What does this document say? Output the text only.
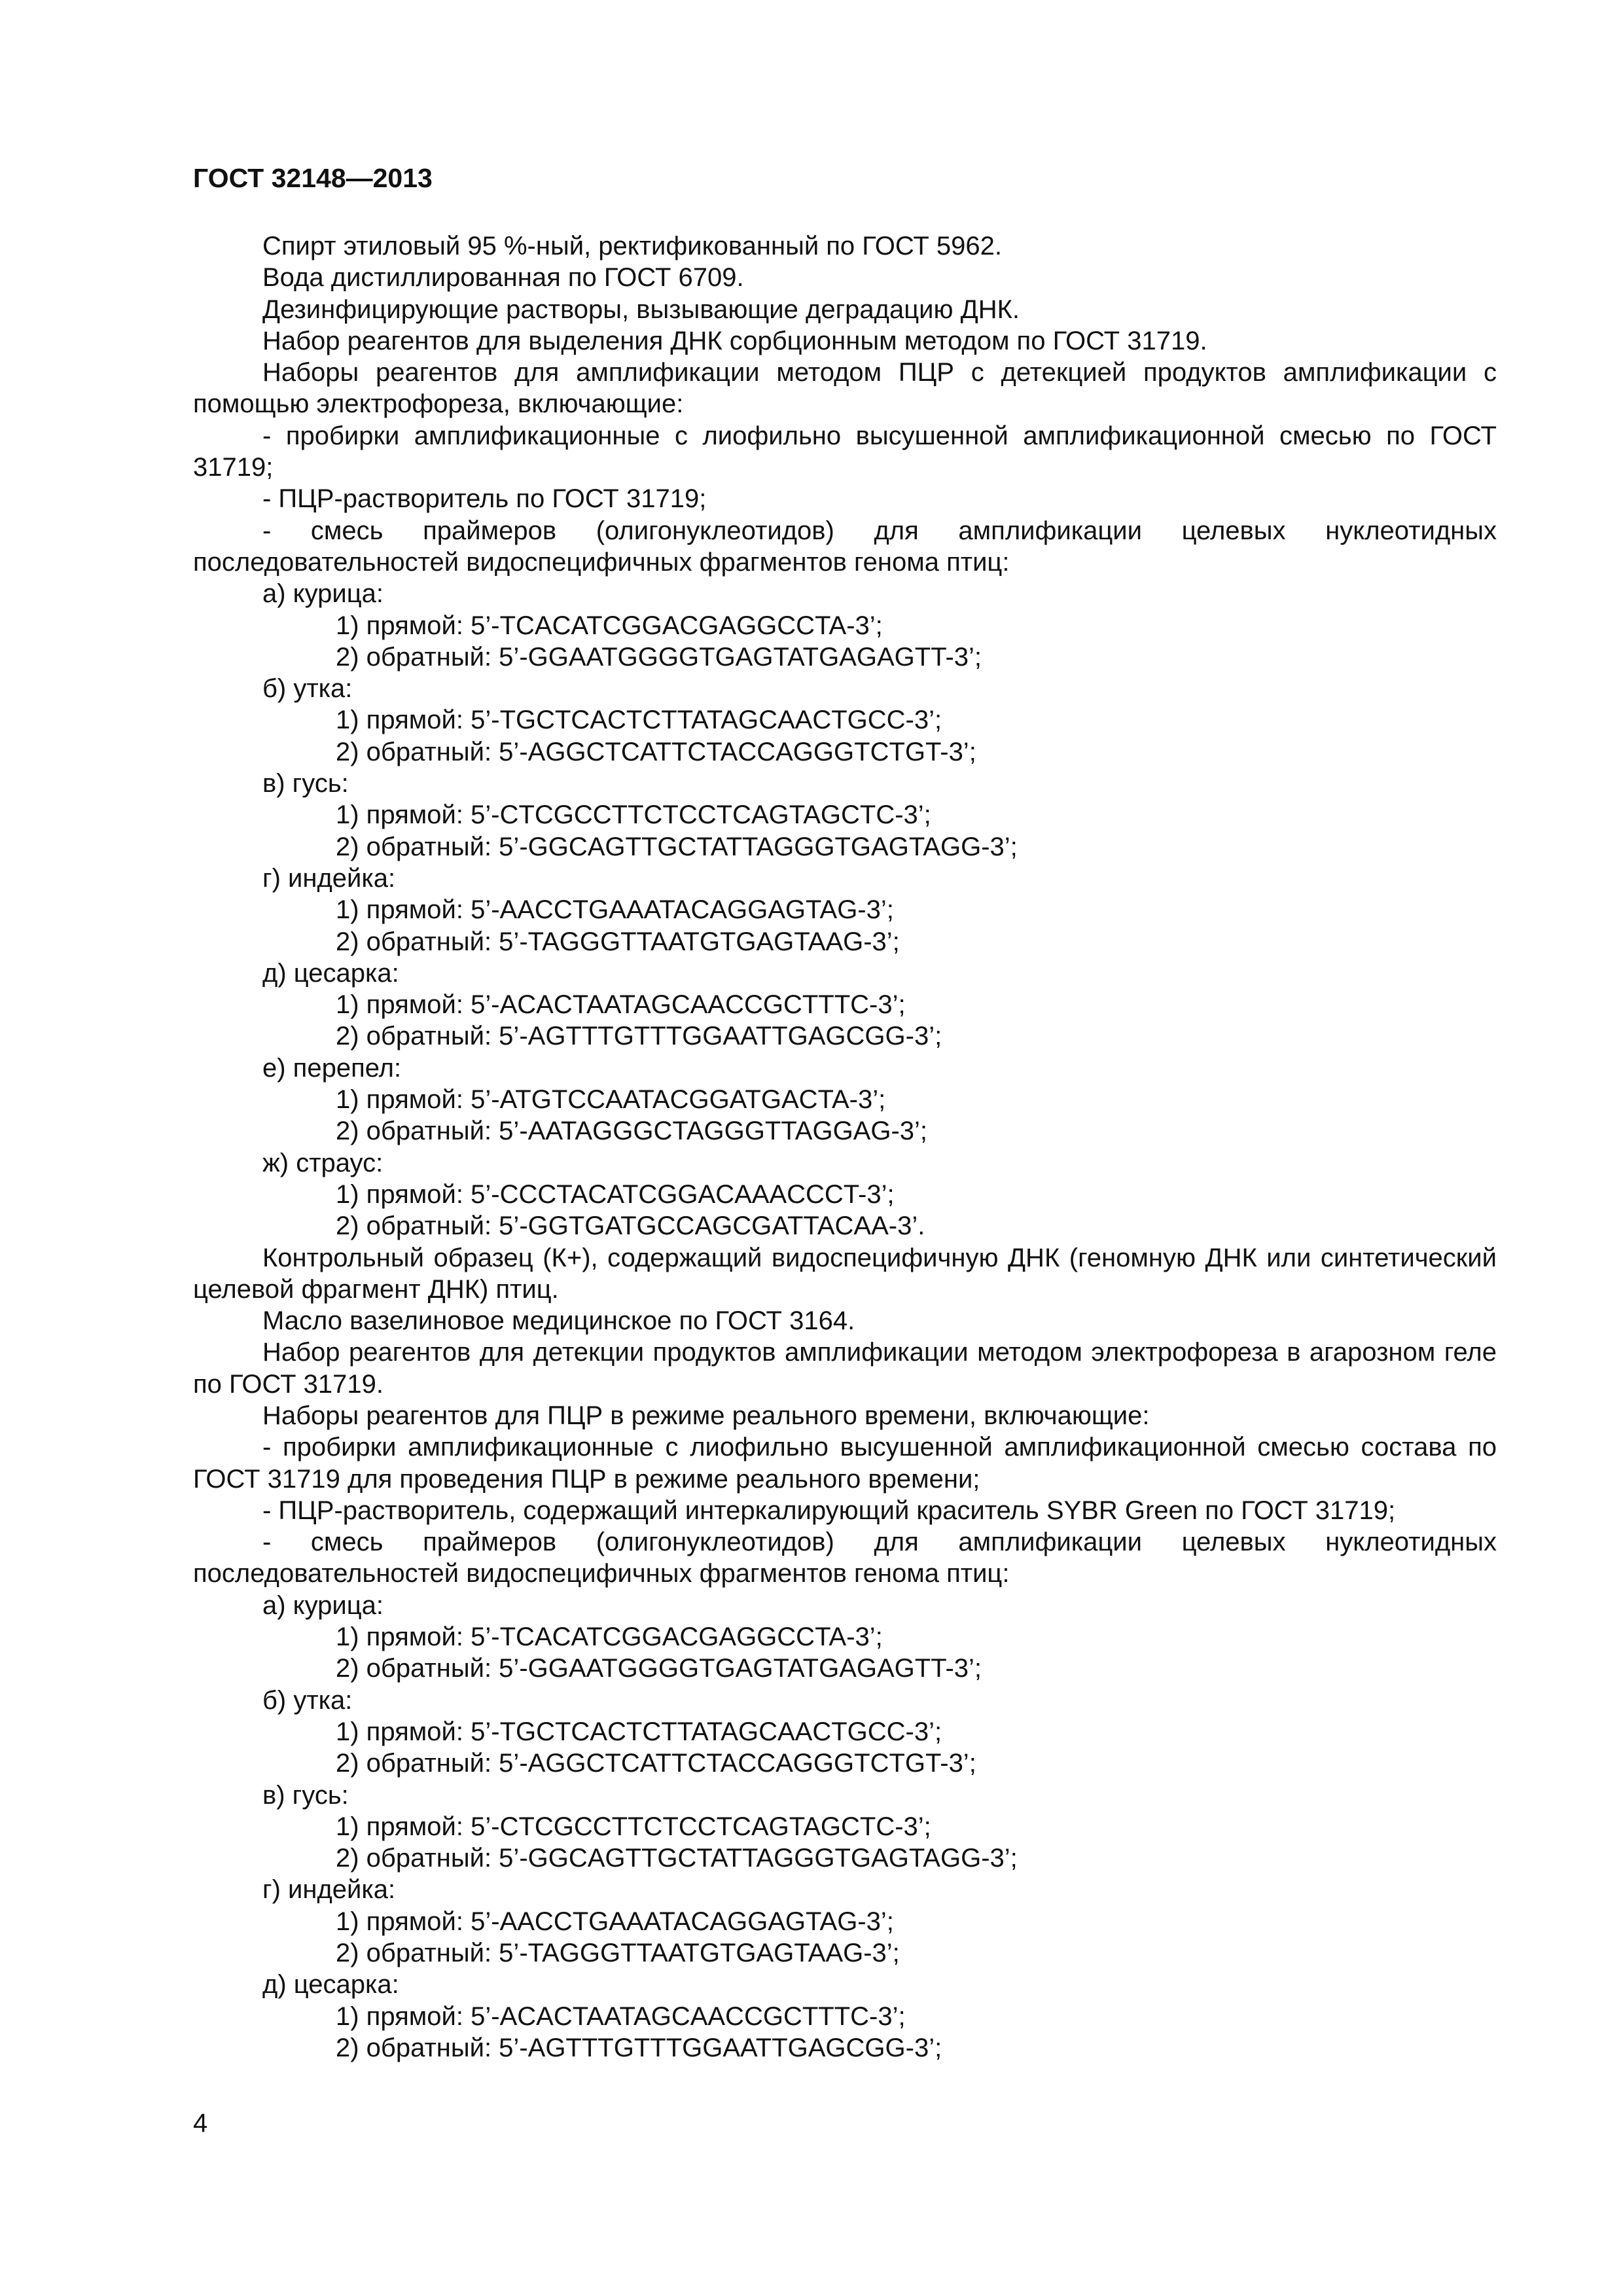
ГОСТ 32148—2013

Спирт этиловый 95 %-ный, ректификованный по ГОСТ 5962.

Вода дистиллированная по ГОСТ 6709.

Дезинфицирующие растворы, вызывающие деградацию ДНК.

Набор реагентов для выделения ДНК сорбционным методом по ГОСТ 31719.

Наборы реагентов для амплификации методом ПЦР с детекцией продуктов амплификации с помощью электрофореза, включающие:

- пробирки амплификационные с лиофильно высушенной амплификационной смесью по ГОСТ 31719;

- ПЦР-растворитель по ГОСТ 31719;

- смесь праймеров (олигонуклеотидов) для амплификации целевых нуклеотидных последовательностей видоспецифичных фрагментов генома птиц:

а) курица:

1) прямой: 5’-TCACATCGGACGAGGCCTA-3’;

2) обратный: 5’-GGAATGGGGTGAGTATGAGAGTT-3’;

б) утка:

1) прямой: 5’-TGCTCACTCTTATAGCAACTGCC-3’;

2) обратный: 5’-AGGCTCATTCTACCAGGGTCTGT-3’;

в) гусь:

1) прямой: 5’-CTCGCCTTCTCCTCAGTAGCTC-3’;

2) обратный: 5’-GGCAGTTGCTATTAGGGTGAGTAGG-3’;

г) индейка:

1) прямой: 5’-AACCTGAAATACAGGAGTAG-3’;

2) обратный: 5’-TAGGGTTAATGTGAGTAAG-3’;

д) цесарка:

1) прямой: 5’-ACACTAATAGCAACCGCTTTC-3’;

2) обратный: 5’-AGTTTGTTTGGAATTGAGCGG-3’;

е) перепел:

1) прямой: 5’-ATGTCCAATACGGATGACTA-3’;

2) обратный: 5’-AATAGGGCTAGGGTTAGGAG-3’;

ж) страус:

1) прямой: 5’-CCCTACATCGGACAAACCCT-3’;

2) обратный: 5’-GGTGATGCCAGCGATTACAA-3’.

Контрольный образец (К+), содержащий видоспецифичную ДНК (геномную ДНК или синтетический целевой фрагмент ДНК) птиц.

Масло вазелиновое медицинское по ГОСТ 3164.

Набор реагентов для детекции продуктов амплификации методом электрофореза в агарозном геле по ГОСТ 31719.

Наборы реагентов для ПЦР в режиме реального времени, включающие:

- пробирки амплификационные с лиофильно высушенной амплификационной смесью состава по ГОСТ 31719 для проведения ПЦР в режиме реального времени;

- ПЦР-растворитель, содержащий интеркалирующий краситель SYBR Green по ГОСТ 31719;

- смесь праймеров (олигонуклеотидов) для амплификации целевых нуклеотидных последовательностей видоспецифичных фрагментов генома птиц:

а) курица:

1) прямой: 5’-TCACATCGGACGAGGCCTA-3’;

2) обратный: 5’-GGAATGGGGTGAGTATGAGAGTT-3’;

б) утка:

1) прямой: 5’-TGCTCACTCTTATAGCAACTGCC-3’;

2) обратный: 5’-AGGCTCATTCTACCAGGGTCTGT-3’;

в) гусь:

1) прямой: 5’-CTCGCCTTCTCCTCAGTAGCTC-3’;

2) обратный: 5’-GGCAGTTGCTATTAGGGTGAGTAGG-3’;

г) индейка:

1) прямой: 5’-AACCTGAAATACAGGAGTAG-3’;

2) обратный: 5’-TAGGGTTAATGTGAGTAAG-3’;

д) цесарка:

1) прямой: 5’-ACACTAATAGCAACCGCTTTC-3’;

2) обратный: 5’-AGTTTGTTTGGAATTGAGCGG-3’;

4
